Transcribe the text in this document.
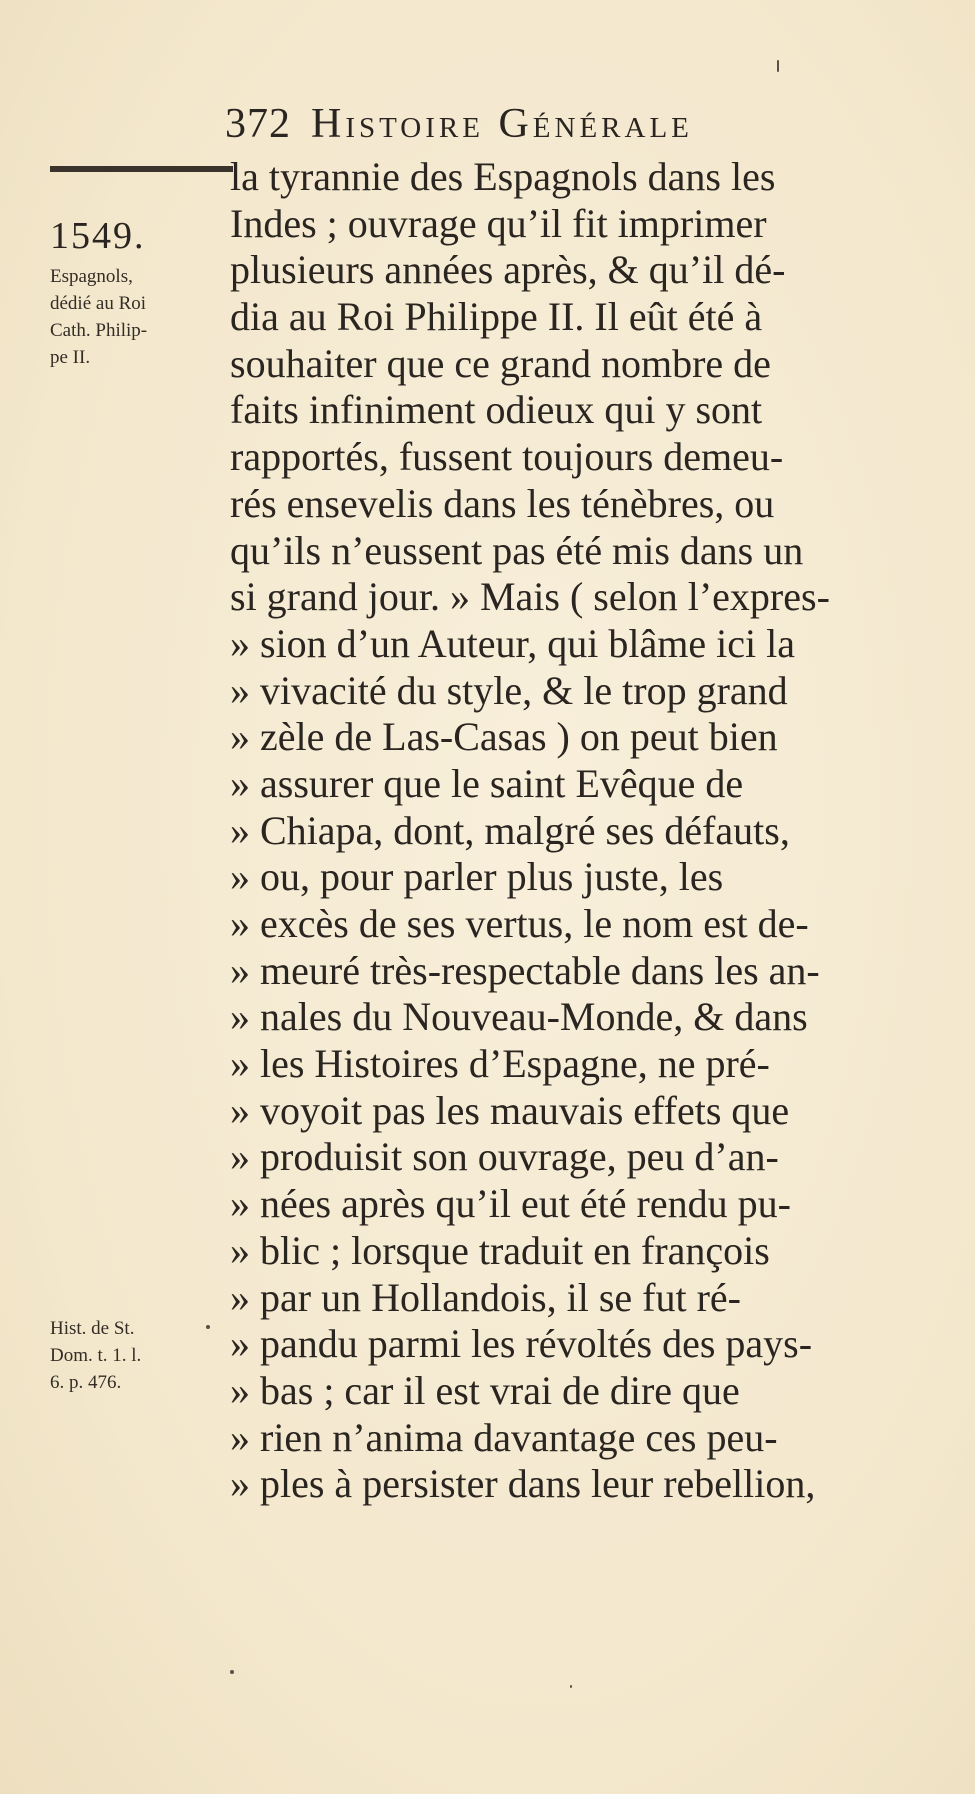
372 Histoire Générale
1549.
Espagnols,
dédié au Roi
Cath. Philip-
pe II.
Hist. de St.
Dom. t. 1. l.
6. p. 476.
la tyrannie des Espagnols dans les
Indes ; ouvrage qu’il fit imprimer
plusieurs années après, & qu’il dé-
dia au Roi Philippe II. Il eût été à
souhaiter que ce grand nombre de
faits infiniment odieux qui y sont
rapportés, fussent toujours demeu-
rés ensevelis dans les ténèbres, ou
qu’ils n’eussent pas été mis dans un
si grand jour. » Mais ( selon l’expres-
» sion d’un Auteur, qui blâme ici la
» vivacité du style, & le trop grand
» zèle de Las-Casas ) on peut bien
» assurer que le saint Evêque de
» Chiapa, dont, malgré ses défauts,
» ou, pour parler plus juste, les
» excès de ses vertus, le nom est de-
» meuré très-respectable dans les an-
» nales du Nouveau-Monde, & dans
» les Histoires d’Espagne, ne pré-
» voyoit pas les mauvais effets que
» produisit son ouvrage, peu d’an-
» nées après qu’il eut été rendu pu-
» blic ; lorsque traduit en françois
» par un Hollandois, il se fut ré-
» pandu parmi les révoltés des pays-
» bas ; car il est vrai de dire que
» rien n’anima davantage ces peu-
» ples à persister dans leur rebellion,
